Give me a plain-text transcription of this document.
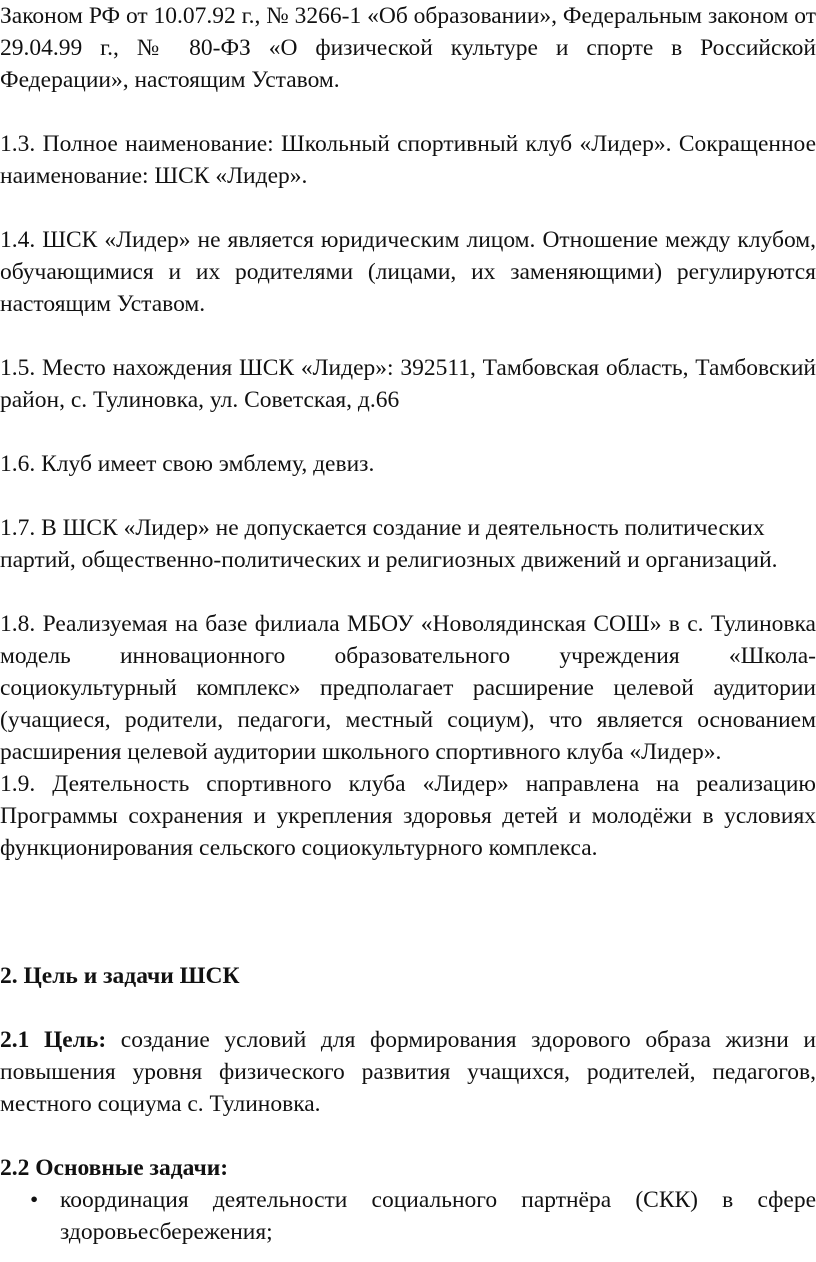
Законом РФ от 10.07.92 г., № 3266-1 «Об образовании», Федеральным законом от 29.04.99 г., № 80-ФЗ «О физической культуре и спорте в Российской Федерации», настоящим Уставом.

1.3. Полное наименование: Школьный спортивный клуб «Лидер». Сокращенное наименование: ШСК «Лидер».

1.4. ШСК «Лидер» не является юридическим лицом. Отношение между клубом, обучающимися и их родителями (лицами, их заменяющими) регулируются настоящим Уставом.

1.5. Место нахождения ШСК «Лидер»: 392511, Тамбовская область, Тамбовский район, с. Тулиновка, ул. Советская, д.66

1.6. Клуб имеет свою эмблему, девиз.

1.7. В ШСК «Лидер» не допускается создание и деятельность политических партий, общественно-политических и религиозных движений и организаций.

1.8. Реализуемая на базе филиала МБОУ «Новолядинская СОШ» в с. Тулиновка модель инновационного образовательного учреждения «Школа-социокультурный комплекс» предполагает расширение целевой аудитории (учащиеся, родители, педагоги, местный социум), что является основанием расширения целевой аудитории школьного спортивного клуба «Лидер».

1.9. Деятельность спортивного клуба «Лидер» направлена на реализацию Программы сохранения и укрепления здоровья детей и молодёжи в условиях функционирования сельского социокультурного комплекса.

2. Цель и задачи ШСК

2.1 Цель: создание условий для формирования здорового образа жизни и повышения уровня физического развития учащихся, родителей, педагогов, местного социума с. Тулиновка.

2.2 Основные задачи:

• координация деятельности социального партнёра (СКК) в сфере здоровьесбережения;
